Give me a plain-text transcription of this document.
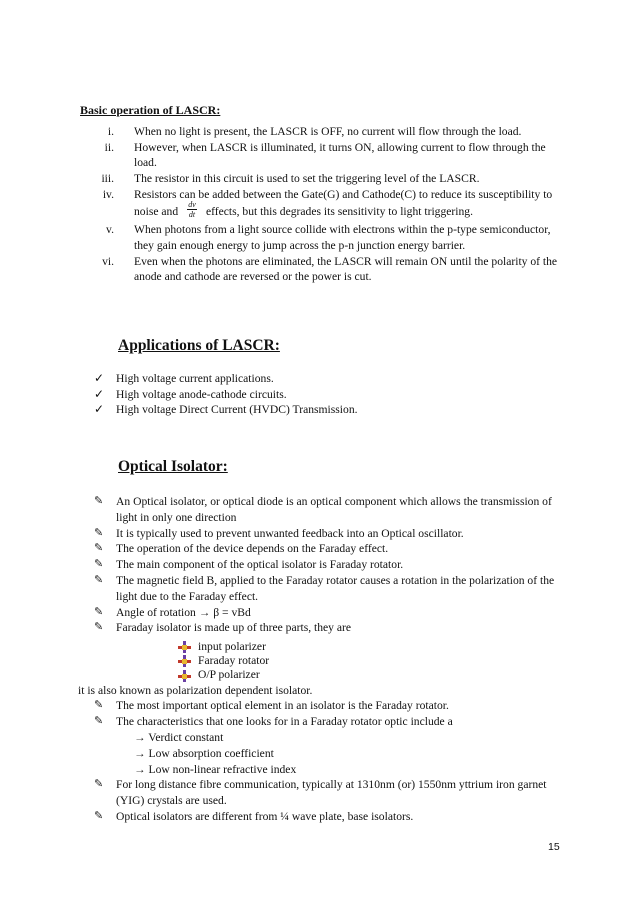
Basic operation of LASCR:
i.	When no light is present, the LASCR is OFF, no current will flow through the load.
ii.	However, when LASCR is illuminated, it turns ON, allowing current to flow through the load.
iii.	The resistor in this circuit is used to set the triggering level of the LASCR.
iv.	Resistors can be added between the Gate(G) and Cathode(C) to reduce its susceptibility to noise and $\frac{dv}{dt}$ effects, but this degrades its sensitivity to light triggering.
v.	When photons from a light source collide with electrons within the p-type semiconductor, they gain enough energy to jump across the p-n junction energy barrier.
vi.	Even when the photons are eliminated, the LASCR will remain ON until the polarity of the anode and cathode are reversed or the power is cut.
Applications of LASCR:
✓	High voltage current applications.
✓	High voltage anode-cathode circuits.
✓	High voltage Direct Current (HVDC) Transmission.
Optical Isolator:
✎	An Optical isolator, or optical diode is an optical component which allows the transmission of light in only one direction
✎	It is typically used to prevent unwanted feedback into an Optical oscillator.
✎	The operation of the device depends on the Faraday effect.
✎	The main component of the optical isolator is Faraday rotator.
✎	The magnetic field B, applied to the Faraday rotator causes a rotation in the polarization of the light due to the Faraday effect.
✎	Angle of rotation → β = vBd
✎	Faraday isolator is made up of three parts, they are
input polarizer
Faraday rotator
O/P polarizer
it is also known as polarization dependent isolator.
✎	The most important optical element in an isolator is the Faraday rotator.
✎	The characteristics that one looks for in a Faraday rotator optic include a
→ Verdict constant
→ Low absorption coefficient
→ Low non-linear refractive index
✎	For long distance fibre communication, typically at 1310nm (or) 1550nm yttrium iron garnet (YIG) crystals are used.
✎	Optical isolators are different from ¼ wave plate, base isolators.
15
